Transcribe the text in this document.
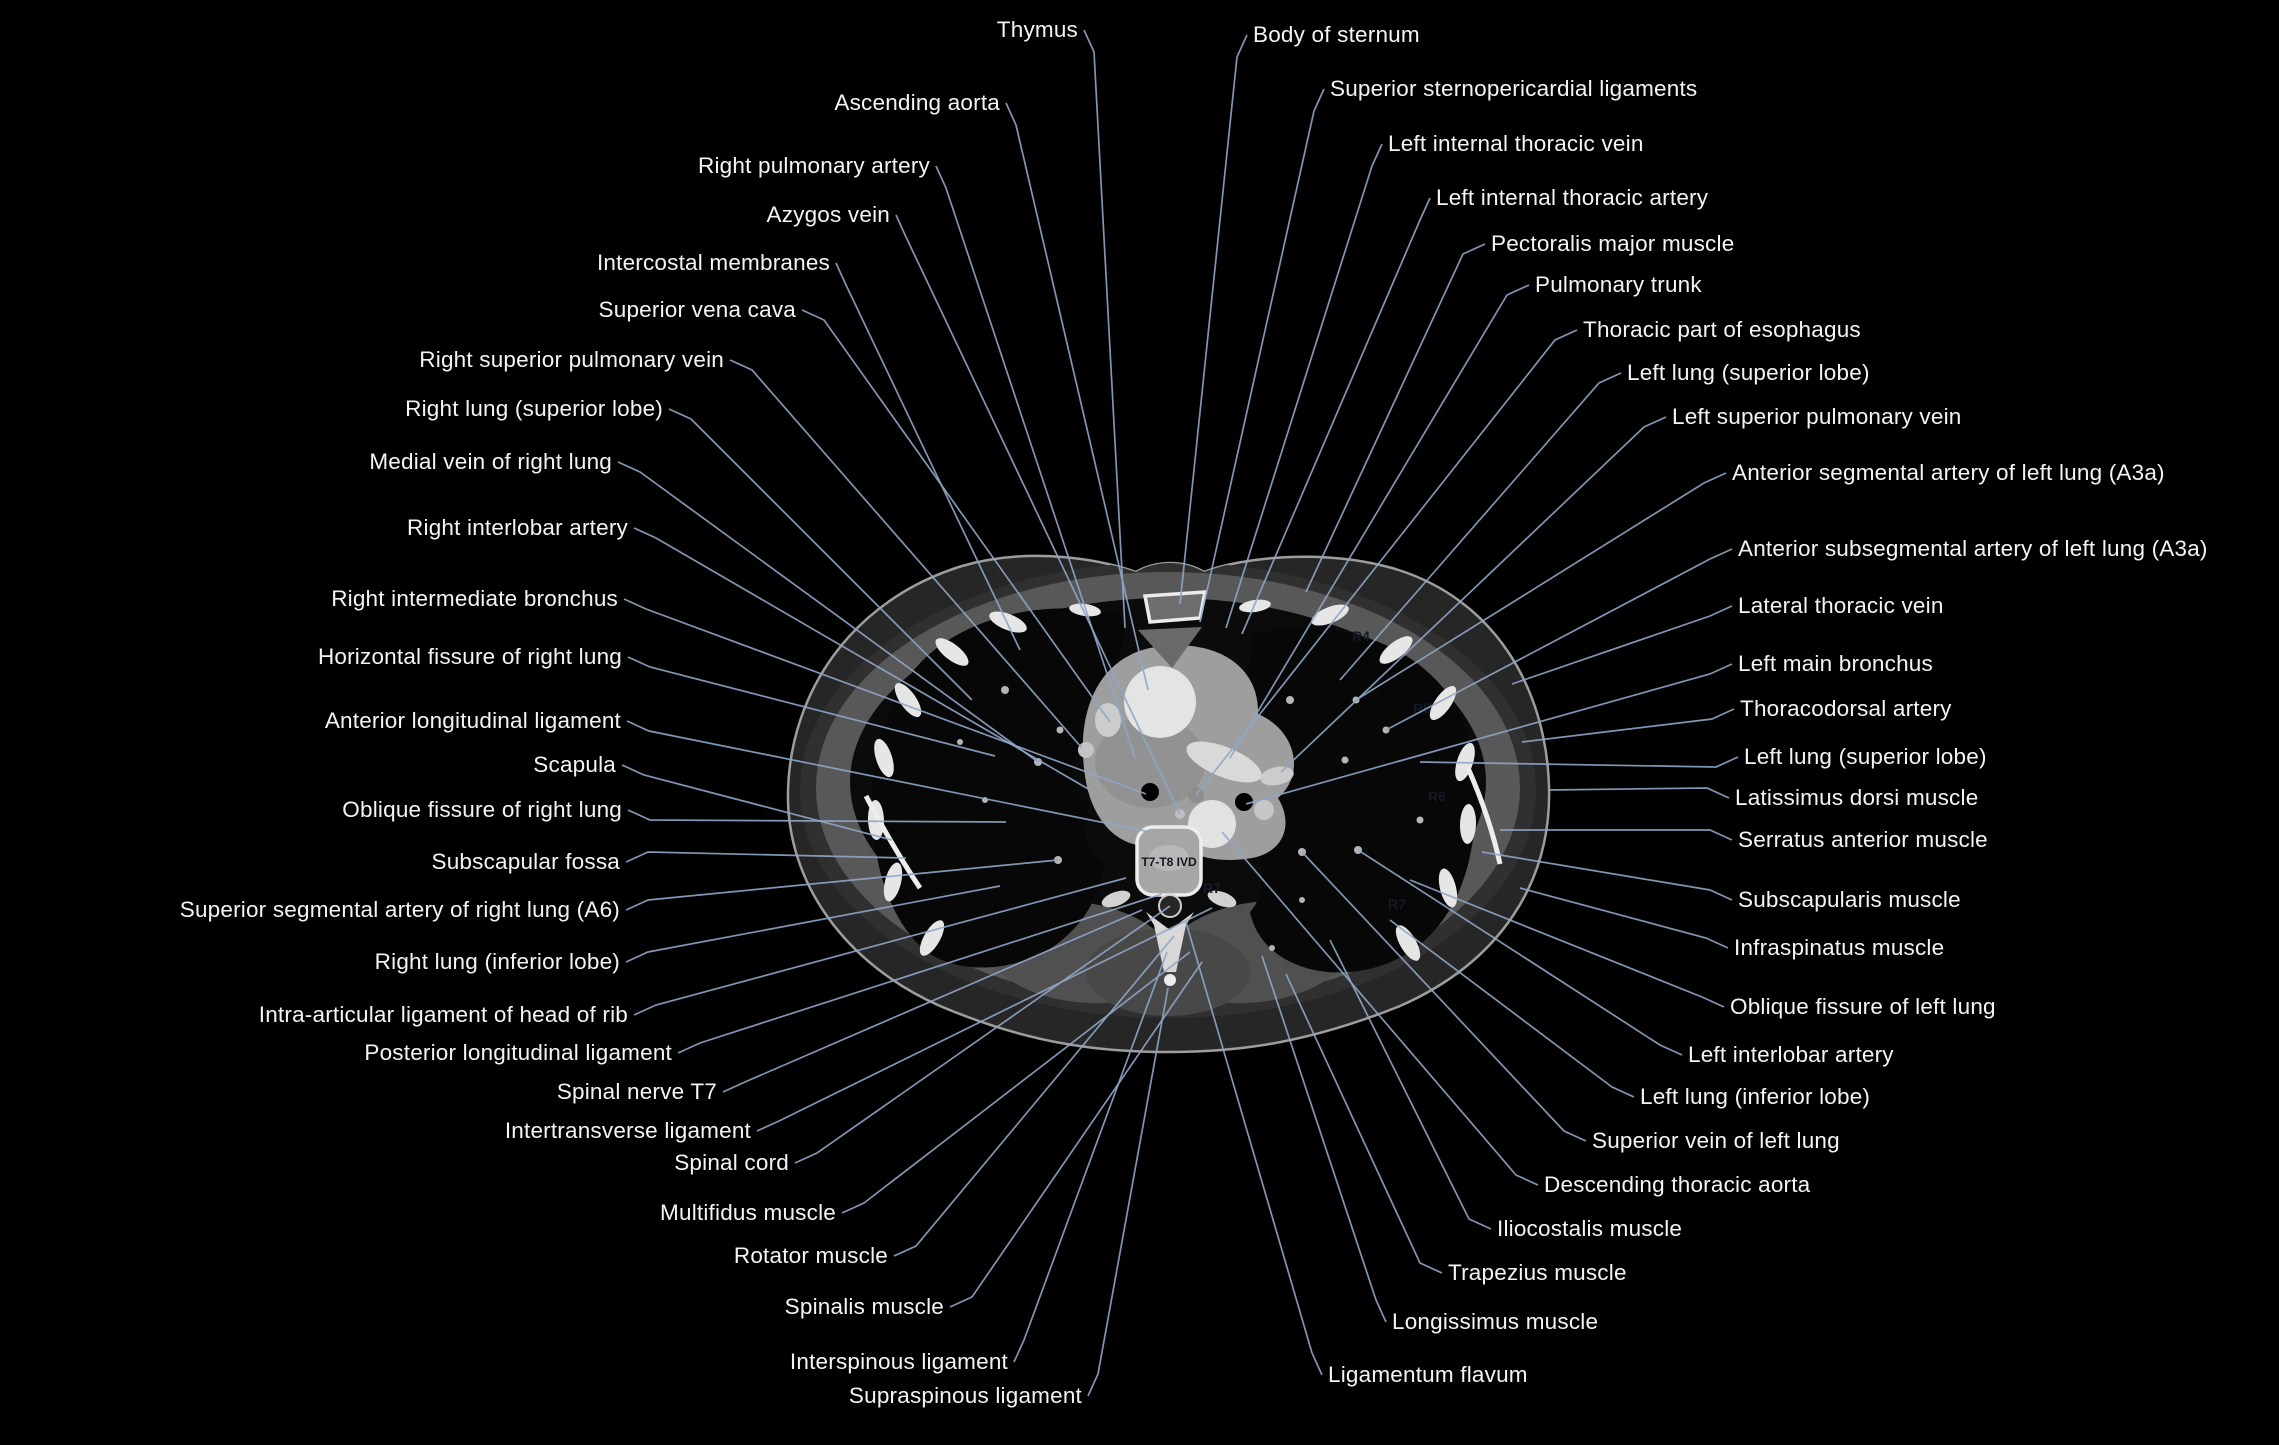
T7-T8 IVD
R4
R5
R6
R7
R7
Thymus
Ascending aorta
Right pulmonary artery
Azygos vein
Intercostal membranes
Superior vena cava
Right superior pulmonary vein
Right lung (superior lobe)
Medial vein of right lung
Right interlobar artery
Right intermediate bronchus
Horizontal fissure of right lung
Anterior longitudinal ligament
Scapula
Oblique fissure of right lung
Subscapular fossa
Superior segmental artery of right lung (A6)
Right lung (inferior lobe)
Intra-articular ligament of head of rib
Posterior longitudinal ligament
Spinal nerve T7
Intertransverse ligament
Spinal cord
Multifidus muscle
Rotator muscle
Spinalis muscle
Interspinous ligament
Supraspinous ligament
Body of sternum
Superior sternopericardial ligaments
Left internal thoracic vein
Left internal thoracic artery
Pectoralis major muscle
Pulmonary trunk
Thoracic part of esophagus
Left lung (superior lobe)
Left superior pulmonary vein
Anterior segmental artery of left lung (A3a)
Anterior subsegmental artery of left lung (A3a)
Lateral thoracic vein
Left main bronchus
Thoracodorsal artery
Left lung (superior lobe)
Latissimus dorsi muscle
Serratus anterior muscle
Subscapularis muscle
Infraspinatus muscle
Oblique fissure of left lung
Left interlobar artery
Left lung (inferior lobe)
Superior vein of left lung
Descending thoracic aorta
Iliocostalis muscle
Trapezius muscle
Longissimus muscle
Ligamentum flavum
